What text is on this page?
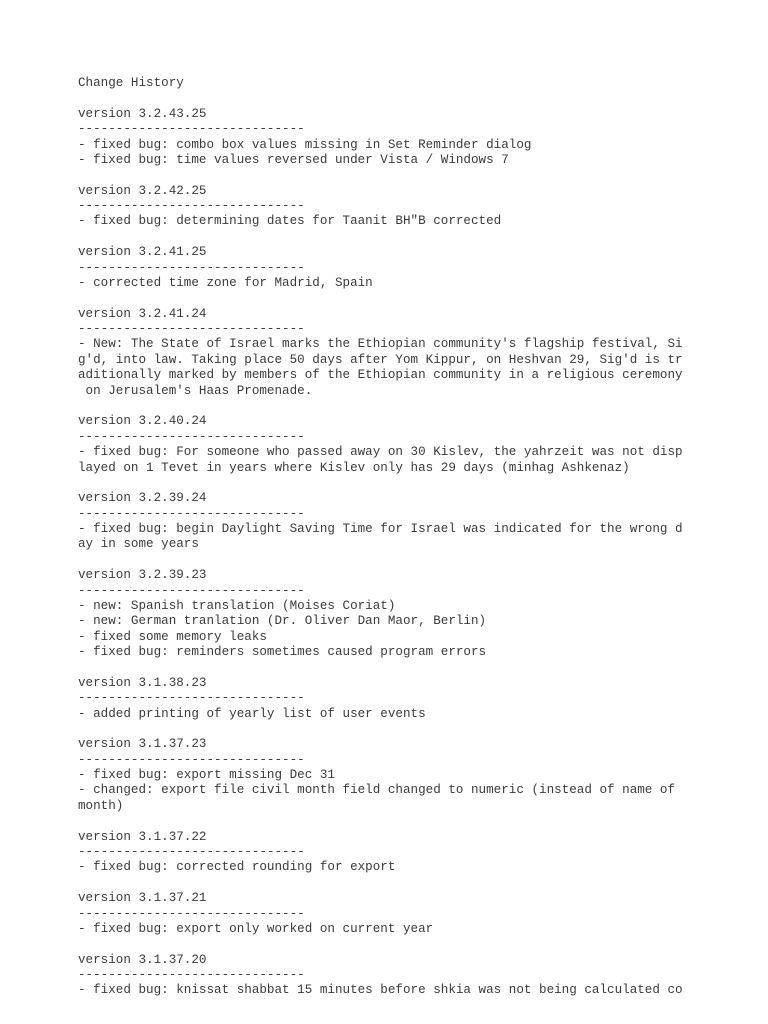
Change History
version 3.2.43.25
------------------------------
- fixed bug: combo box values missing in Set Reminder dialog
- fixed bug: time values reversed under Vista / Windows 7
version 3.2.42.25
------------------------------
- fixed bug: determining dates for Taanit BH"B corrected
version 3.2.41.25
------------------------------
- corrected time zone for Madrid, Spain
version 3.2.41.24
------------------------------
- New: The State of Israel marks the Ethiopian community's flagship festival, Si
g'd, into law. Taking place 50 days after Yom Kippur, on Heshvan 29, Sig'd is tr
aditionally marked by members of the Ethiopian community in a religious ceremony
on Jerusalem's Haas Promenade.
version 3.2.40.24
------------------------------
- fixed bug: For someone who passed away on 30 Kislev, the yahrzeit was not disp
layed on 1 Tevet in years where Kislev only has 29 days (minhag Ashkenaz)
version 3.2.39.24
------------------------------
- fixed bug: begin Daylight Saving Time for Israel was indicated for the wrong d
ay in some years
version 3.2.39.23
------------------------------
- new: Spanish translation (Moises Coriat)
- new: German tranlation (Dr. Oliver Dan Maor, Berlin)
- fixed some memory leaks
- fixed bug: reminders sometimes caused program errors
version 3.1.38.23
------------------------------
- added printing of yearly list of user events
version 3.1.37.23
------------------------------
- fixed bug: export missing Dec 31
- changed: export file civil month field changed to numeric (instead of name of
month)
version 3.1.37.22
------------------------------
- fixed bug: corrected rounding for export
version 3.1.37.21
------------------------------
- fixed bug: export only worked on current year
version 3.1.37.20
------------------------------
- fixed bug: knissat shabbat 15 minutes before shkia was not being calculated co
